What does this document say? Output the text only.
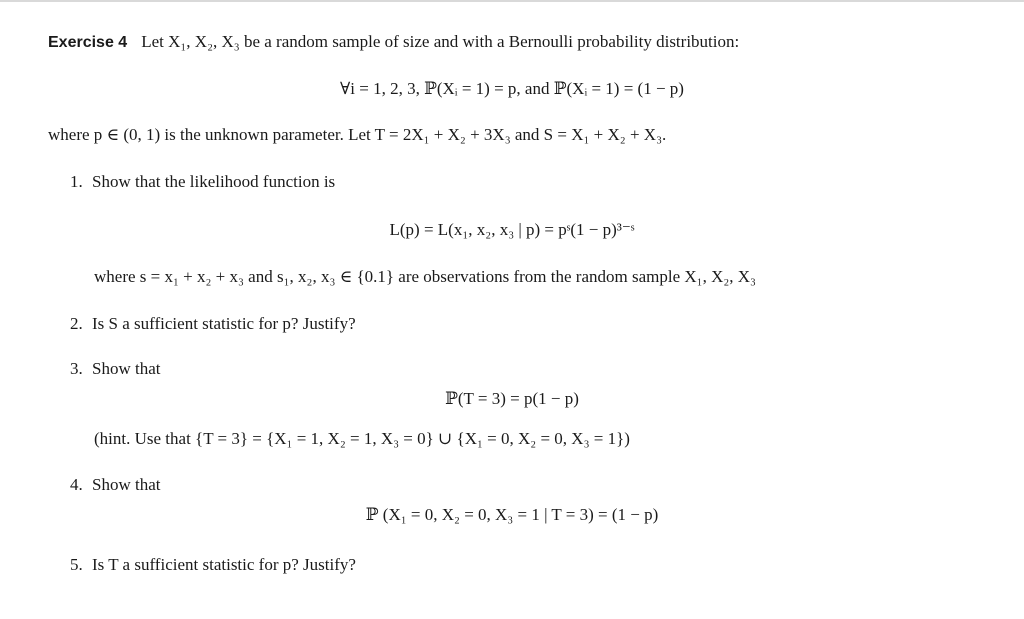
Exercise 4 Let X₁, X₂, X₃ be a random sample of size and with a Bernoulli probability distribution:
∀i = 1, 2, 3, ℙ(Xᵢ = 1) = p, and ℙ(Xᵢ = 1) = (1 − p)
where p ∈ (0, 1) is the unknown parameter. Let T = 2X₁ + X₂ + 3X₃ and S = X₁ + X₂ + X₃.
1. Show that the likelihood function is
L(p) = L(x₁, x₂, x₃ | p) = pˢ(1 − p)³⁻ˢ
where s = x₁ + x₂ + x₃ and s₁, x₂, x₃ ∈ {0.1} are observations from the random sample X₁, X₂, X₃
2. Is S a sufficient statistic for p? Justify?
3. Show that
ℙ(T = 3) = p(1 − p)
(hint. Use that {T = 3} = {X₁ = 1, X₂ = 1, X₃ = 0} ∪ {X₁ = 0, X₂ = 0, X₃ = 1})
4. Show that
ℙ (X₁ = 0, X₂ = 0, X₃ = 1 | T = 3) = (1 − p)
5. Is T a sufficient statistic for p? Justify?
